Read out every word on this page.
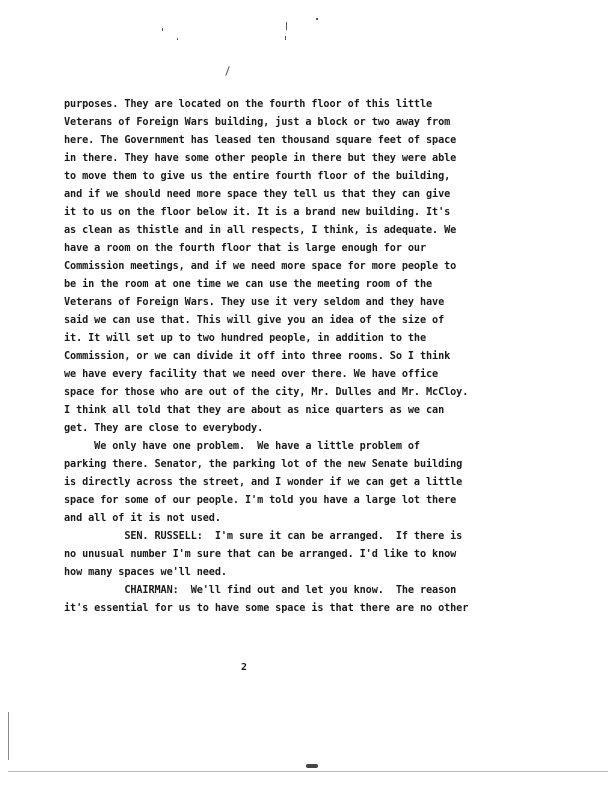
purposes. They are located on the fourth floor of this little
Veterans of Foreign Wars building, just a block or two away from
here. The Government has leased ten thousand square feet of space
in there. They have some other people in there but they were able
to move them to give us the entire fourth floor of the building,
and if we should need more space they tell us that they can give
it to us on the floor below it. It is a brand new building. It's
as clean as thistle and in all respects, I think, is adequate. We
have a room on the fourth floor that is large enough for our
Commission meetings, and if we need more space for more people to
be in the room at one time we can use the meeting room of the
Veterans of Foreign Wars. They use it very seldom and they have
said we can use that. This will give you an idea of the size of
it. It will set up to two hundred people, in addition to the
Commission, or we can divide it off into three rooms. So I think
we have every facility that we need over there. We have office
space for those who are out of the city, Mr. Dulles and Mr. McCloy.
I think all told that they are about as nice quarters as we can
get. They are close to everybody.
We only have one problem.  We have a little problem of
parking there. Senator, the parking lot of the new Senate building
is directly across the street, and I wonder if we can get a little
space for some of our people. I'm told you have a large lot there
and all of it is not used.
SEN. RUSSELL:  I'm sure it can be arranged.  If there is
no unusual number I'm sure that can be arranged. I'd like to know
how many spaces we'll need.
CHAIRMAN:  We'll find out and let you know.  The reason
it's essential for us to have some space is that there are no other
2
